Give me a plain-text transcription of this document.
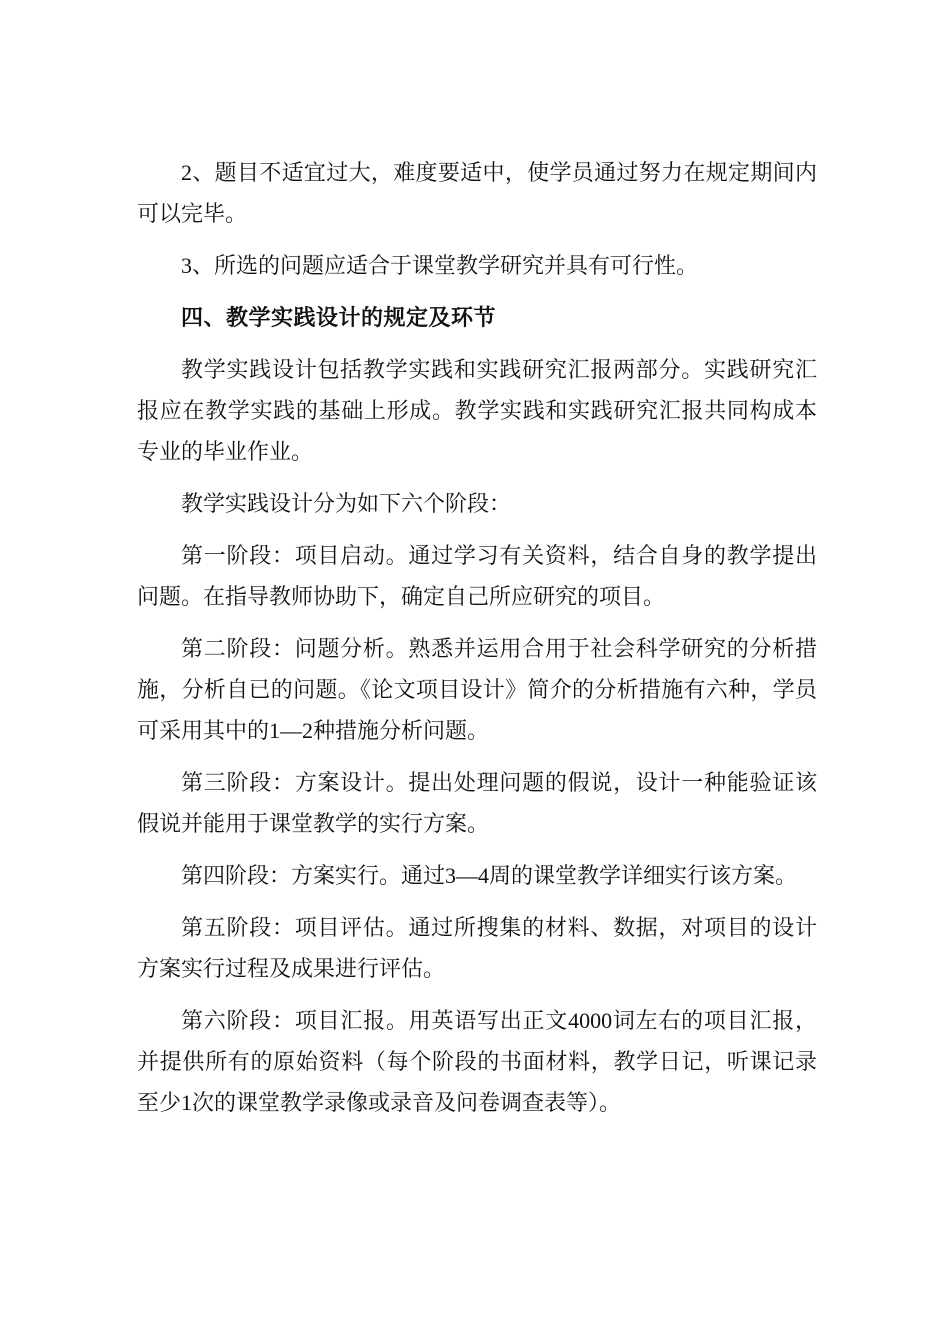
2、题目不适宜过大，难度要适中，使学员通过努力在规定期间内可以完毕。

3、所选的问题应适合于课堂教学研究并具有可行性。

四、教学实践设计的规定及环节

教学实践设计包括教学实践和实践研究汇报两部分。实践研究汇报应在教学实践的基础上形成。教学实践和实践研究汇报共同构成本专业的毕业作业。

教学实践设计分为如下六个阶段：

第一阶段：项目启动。通过学习有关资料，结合自身的教学提出问题。在指导教师协助下，确定自己所应研究的项目。

第二阶段：问题分析。熟悉并运用合用于社会科学研究的分析措施，分析自已的问题。《论文项目设计》简介的分析措施有六种，学员可采用其中的1—2种措施分析问题。

第三阶段：方案设计。提出处理问题的假说，设计一种能验证该假说并能用于课堂教学的实行方案。

第四阶段：方案实行。通过3—4周的课堂教学详细实行该方案。

第五阶段：项目评估。通过所搜集的材料、数据，对项目的设计方案实行过程及成果进行评估。

第六阶段：项目汇报。用英语写出正文4000词左右的项目汇报，并提供所有的原始资料（每个阶段的书面材料，教学日记，听课记录至少1次的课堂教学录像或录音及问卷调查表等）。
